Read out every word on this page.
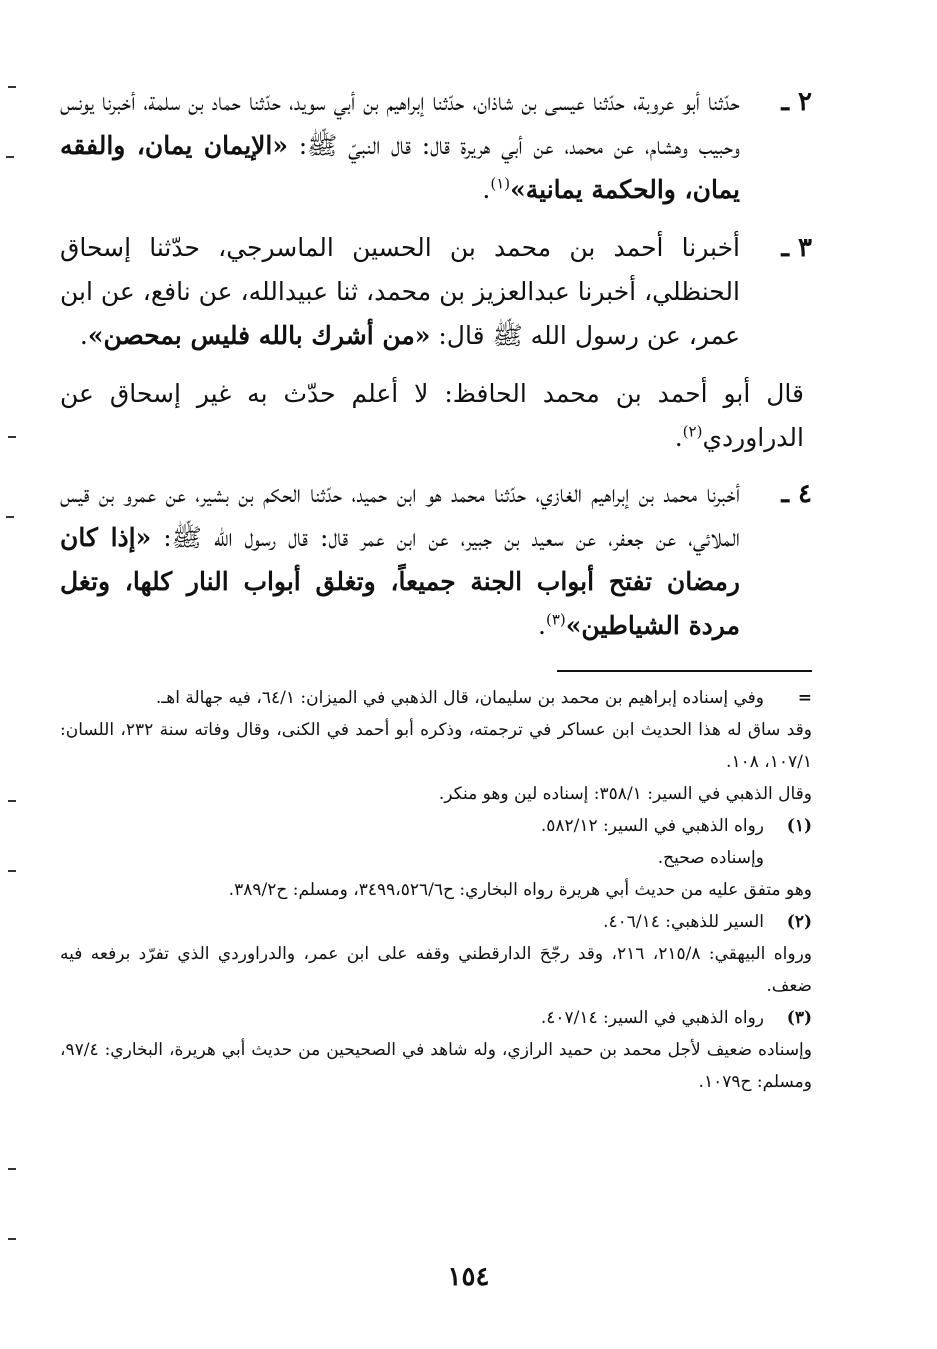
٢ ـ
حدّثنا أبو عروبة، حدّثنا عيسى بن شاذان، حدّثنا إبراهيم بن أبي سويد، حدّثنا حماد بن سلمة، أخبرنا يونس وحبيب وهشام، عن محمد، عن أبي هريرة قال: قال النبيّ ﷺ: «الإيمان يمان، والفقه يمان، والحكمة يمانية»$^{(١)}$.
٣ ـ
أخبرنا أحمد بن محمد بن الحسين الماسرجي، حدّثنا إسحاق الحنظلي، أخبرنا عبدالعزيز بن محمد، ثنا عبيدالله، عن نافع، عن ابن عمر، عن رسول الله ﷺ قال: «من أشرك بالله فليس بمحصن».
قال أبو أحمد بن محمد الحافظ: لا أعلم حدّث به غير إسحاق عن الدراوردي$^{(٢)}$.
٤ ـ
أخبرنا محمد بن إبراهيم الغازي، حدّثنا محمد هو ابن حميد، حدّثنا الحكم بن بشير، عن عمرو بن قيس الملائي، عن جعفر، عن سعيد بن جبير، عن ابن عمر قال: قال رسول الله ﷺ: «إذا كان رمضان تفتح أبواب الجنة جميعاً، وتغلق أبواب النار كلها، وتغل مردة الشياطين»$^{(٣)}$.
=
وفي إسناده إبراهيم بن محمد بن سليمان، قال الذهبي في الميزان: ٦٤/١، فيه جهالة اهـ.
وقد ساق له هذا الحديث ابن عساكر في ترجمته، وذكره أبو أحمد في الكنى، وقال وفاته سنة ٢٣٢، اللسان: ١٠٧/١، ١٠٨.
وقال الذهبي في السير: ٣٥٨/١: إسناده لين وهو منكر.
(١)
رواه الذهبي في السير: ٥٨٢/١٢.
وإسناده صحيح.
وهو متفق عليه من حديث أبي هريرة رواه البخاري: ح٣٤٩٩،٥٢٦/٦، ومسلم: ح٣٨٩/٢.
(٢)
السير للذهبي: ٤٠٦/١٤.
ورواه البيهقي: ٢١٥/٨، ٢١٦، وقد رجّحَ الدارقطني وقفه على ابن عمر، والدراوردي الذي تفرّد برفعه فيه ضعف.
(٣)
رواه الذهبي في السير: ٤٠٧/١٤.
وإسناده ضعيف لأجل محمد بن حميد الرازي، وله شاهد في الصحيحين من حديث أبي هريرة، البخاري: ٩٧/٤، ومسلم: ح١٠٧٩.
١٥٤
